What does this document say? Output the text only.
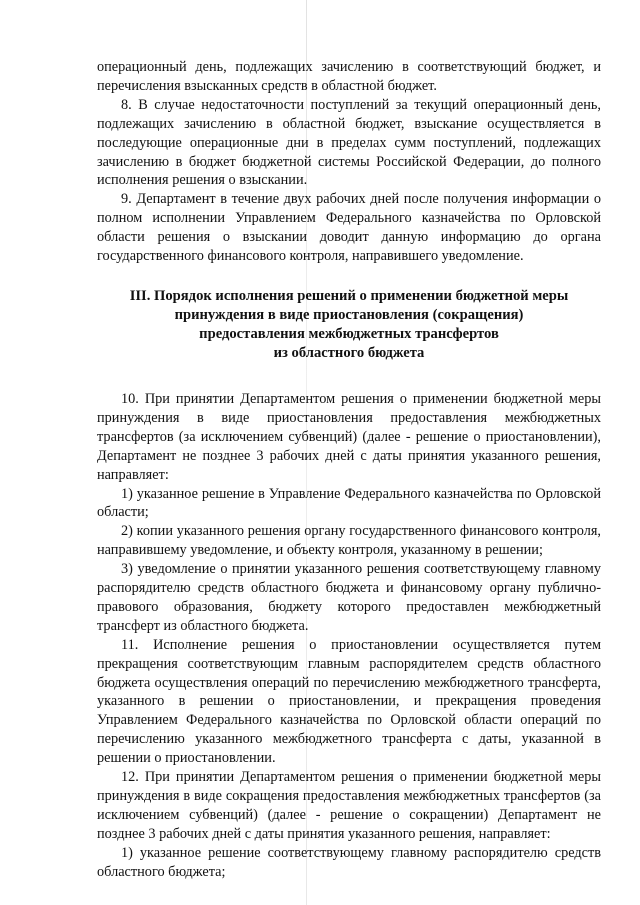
операционный день, подлежащих зачислению в соответствующий бюджет, и перечисления взысканных средств в областной бюджет.

8. В случае недостаточности поступлений за текущий операционный день, подлежащих зачислению в областной бюджет, взыскание осуществляется в последующие операционные дни в пределах сумм поступлений, подлежащих зачислению в бюджет бюджетной системы Российской Федерации, до полного исполнения решения о взыскании.

9. Департамент в течение двух рабочих дней после получения информации о полном исполнении Управлением Федерального казначейства по Орловской области решения о взыскании доводит данную информацию до органа государственного финансового контроля, направившего уведомление.

III. Порядок исполнения решений о применении бюджетной меры
принуждения в виде приостановления (сокращения)
предоставления межбюджетных трансфертов
из областного бюджета

10. При принятии Департаментом решения о применении бюджетной меры принуждения в виде приостановления предоставления межбюджетных трансфертов (за исключением субвенций) (далее - решение о приостановлении), Департамент не позднее 3 рабочих дней с даты принятия указанного решения, направляет:

1) указанное решение в Управление Федерального казначейства по Орловской области;

2) копии указанного решения органу государственного финансового контроля, направившему уведомление, и объекту контроля, указанному в решении;

3) уведомление о принятии указанного решения соответствующему главному распорядителю средств областного бюджета и финансовому органу публично-правового образования, бюджету которого предоставлен межбюджетный трансферт из областного бюджета.

11. Исполнение решения о приостановлении осуществляется путем прекращения соответствующим главным распорядителем средств областного бюджета осуществления операций по перечислению межбюджетного трансферта, указанного в решении о приостановлении, и прекращения проведения Управлением Федерального казначейства по Орловской области операций по перечислению указанного межбюджетного трансферта с даты, указанной в решении о приостановлении.

12. При принятии Департаментом решения о применении бюджетной меры принуждения в виде сокращения предоставления межбюджетных трансфертов (за исключением субвенций) (далее - решение о сокращении) Департамент не позднее 3 рабочих дней с даты принятия указанного решения, направляет:

1) указанное решение соответствующему главному распорядителю средств областного бюджета;
